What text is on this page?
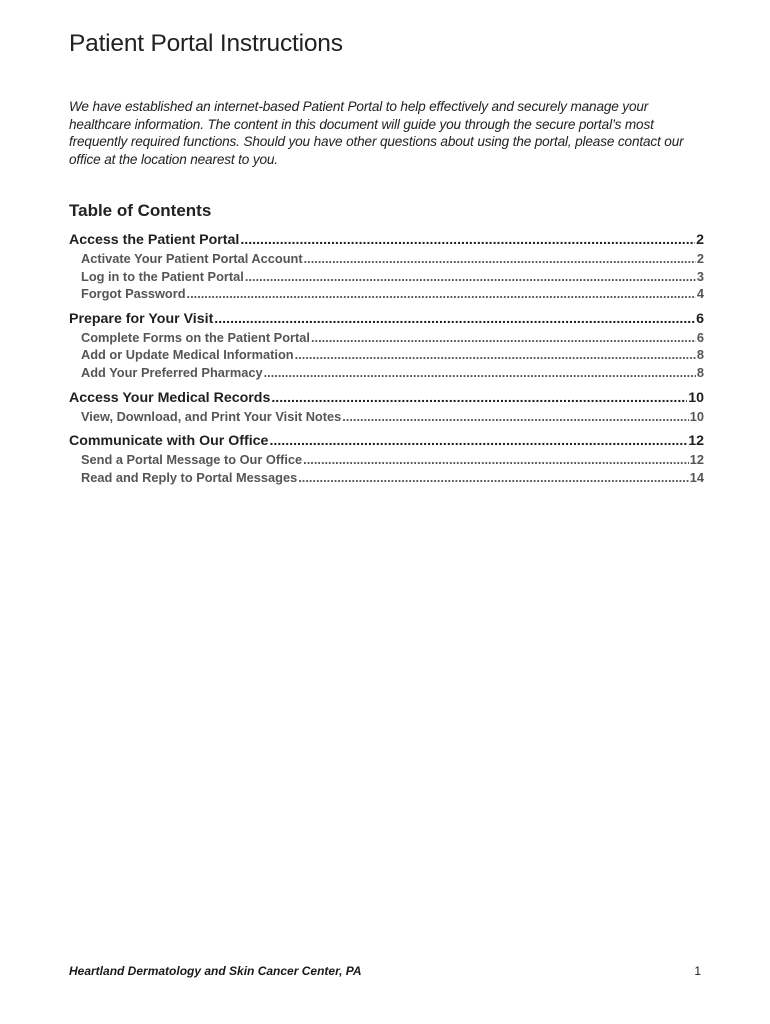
Patient Portal Instructions

We have established an internet-based Patient Portal to help effectively and securely manage your healthcare information. The content in this document will guide you through the secure portal’s most frequently required functions. Should you have other questions about using the portal, please contact our office at the location nearest to you.

Table of Contents
Access the Patient Portal .....	2
Activate Your Patient Portal Account .....	2
Log in to the Patient Portal .....	3
Forgot Password .....	4
Prepare for Your Visit .....	6
Complete Forms on the Patient Portal .....	6
Add or Update Medical Information .....	8
Add Your Preferred Pharmacy .....	8
Access Your Medical Records .....	10
View, Download, and Print Your Visit Notes .....	10
Communicate with Our Office .....	12
Send a Portal Message to Our Office .....	12
Read and Reply to Portal Messages .....	14
Heartland Dermatology and Skin Cancer Center, PA	1
